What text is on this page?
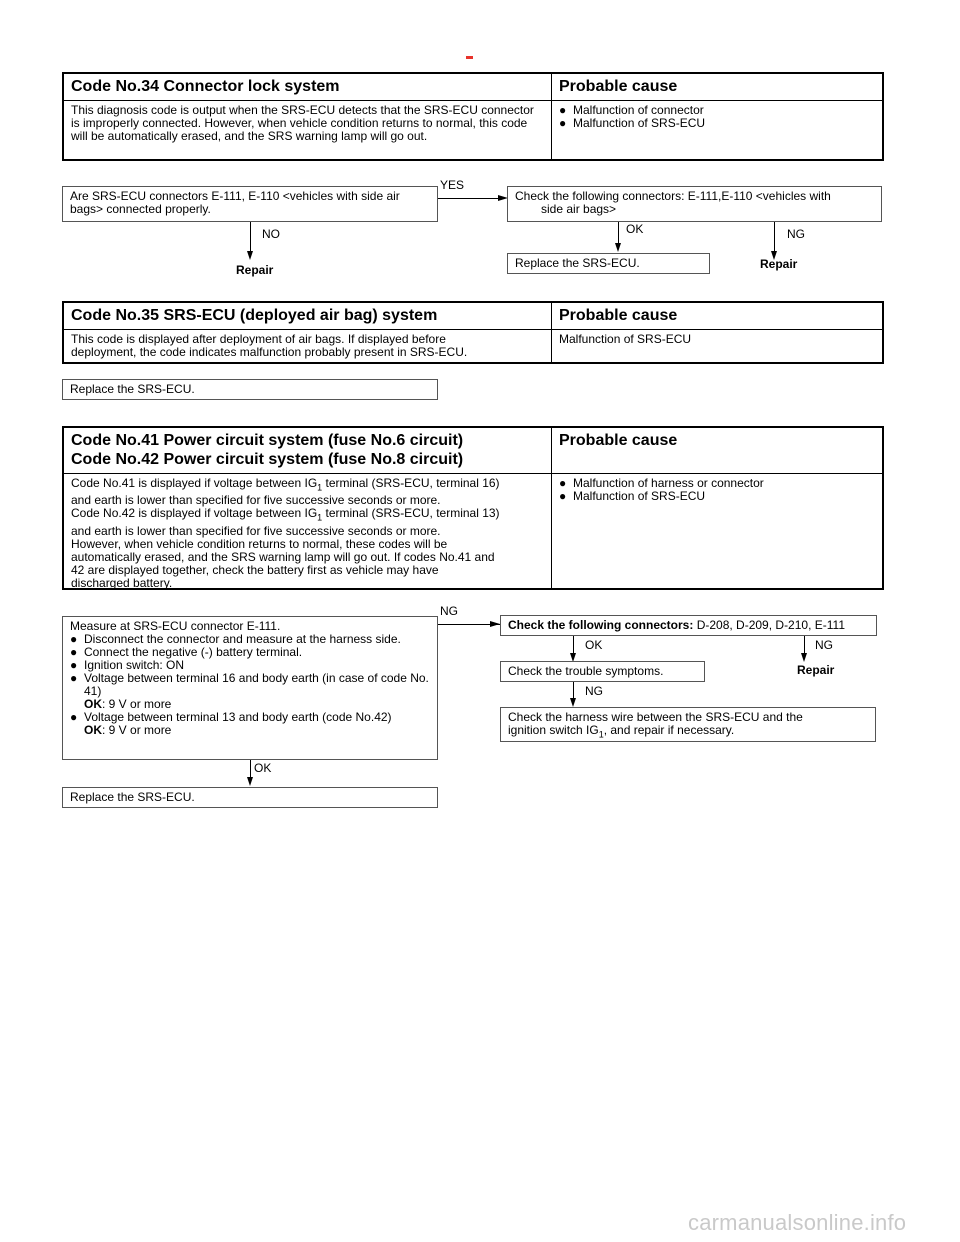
Code No.34 Connector lock system	Probable cause
This diagnosis code is output when the SRS-ECU detects that the SRS-ECU connector is improperly connected. However, when vehicle condition returns to normal, this code will be automatically erased, and the SRS warning lamp will go out.
● Malfunction of connector
● Malfunction of SRS-ECU
Are SRS-ECU connectors E-111, E-110 <vehicles with side air bags> connected properly.
YES
Check the following connectors: E-111,E-110 <vehicles with
side air bags>
NO
Repair
OK
Replace the SRS-ECU.
NG
Repair
Code No.35 SRS-ECU (deployed air bag) system	Probable cause
This code is displayed after deployment of air bags. If displayed before
deployment, the code indicates malfunction probably present in SRS-ECU.
Malfunction of SRS-ECU
Replace the SRS-ECU.
Code No.41 Power circuit system (fuse No.6 circuit)
Code No.42 Power circuit system (fuse No.8 circuit)
Probable cause
Code No.41 is displayed if voltage between $IG_1$ terminal (SRS-ECU, terminal 16)
and earth is lower than specified for five successive seconds or more.
Code No.42 is displayed if voltage between $IG_1$ terminal (SRS-ECU, terminal 13)
and earth is lower than specified for five successive seconds or more.
However, when vehicle condition returns to normal, these codes will be
automatically erased, and the SRS warning lamp will go out. If codes No.41 and
42 are displayed together, check the battery first as vehicle may have
discharged battery.
● Malfunction of harness or connector
● Malfunction of SRS-ECU
Measure at SRS-ECU connector E-111.
● Disconnect the connector and measure at the harness side.
● Connect the negative (-) battery terminal.
● Ignition switch: ON
● Voltage between terminal 16 and body earth (in case of code No. 41)
OK: 9 V or more
● Voltage between terminal 13 and body earth (code No.42)
OK: 9 V or more
NG
Check the following connectors: D-208, D-209, D-210, E-111
OK	NG
Repair
Check the trouble symptoms.
NG
Check the harness wire between the SRS-ECU and the
ignition switch $IG_1$, and repair if necessary.
OK
Replace the SRS-ECU.
carmanualsonline.info
